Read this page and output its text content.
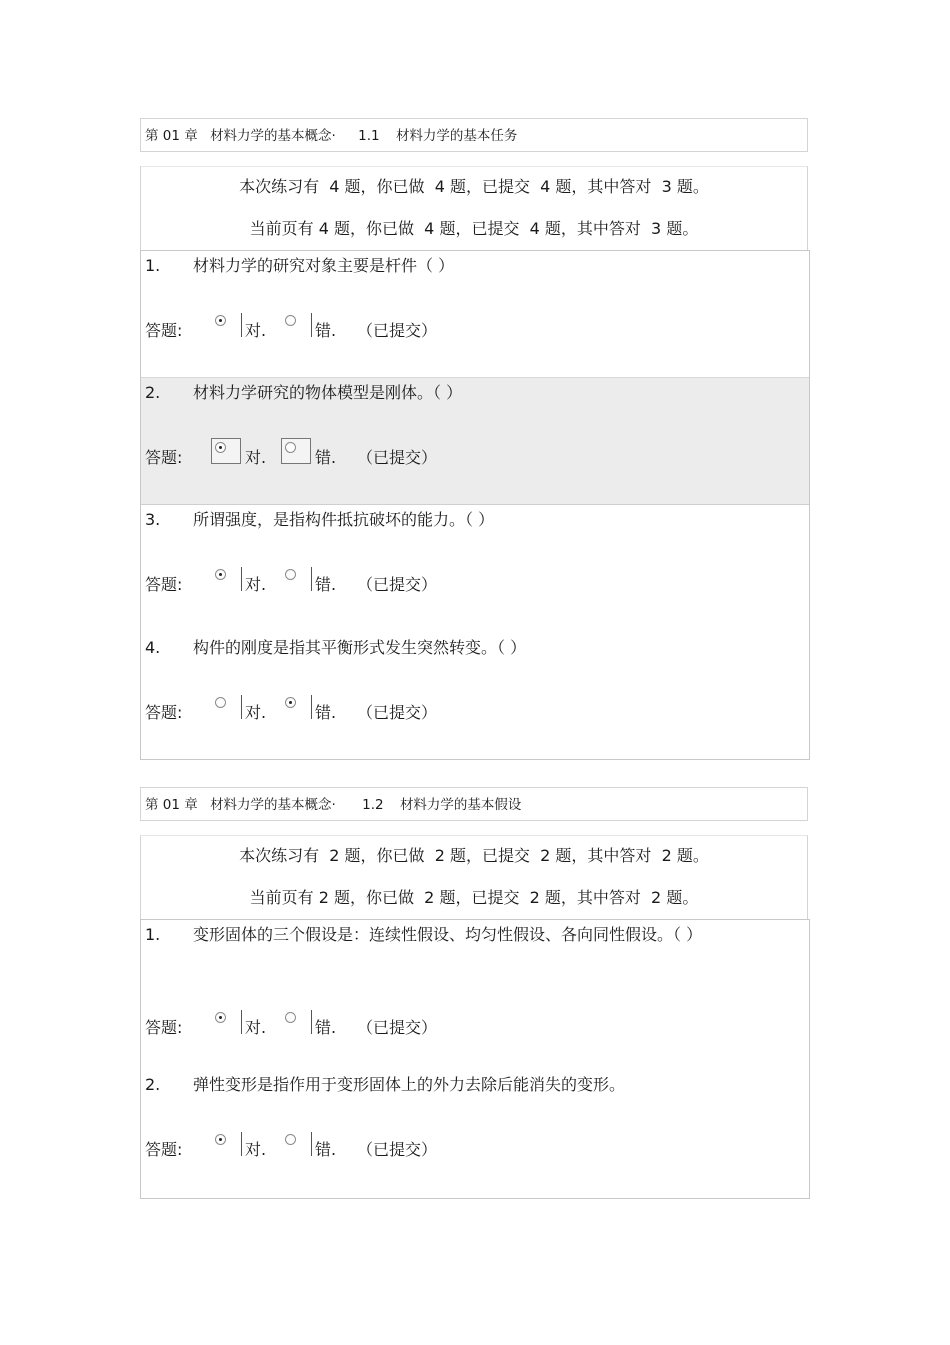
第 01 章 材料力学的基本概念· 1.1 材料力学的基本任务
本次练习有  4 题，你已做  4 题，已提交  4 题，其中答对  3 题。
当前页有 4 题，你已做  4 题，已提交  4 题，其中答对  3 题。
1.	材料力学的研究对象主要是杆件（ ）
答题:	对.	错. （已提交）
2.	材料力学研究的物体模型是刚体。（ ）
答题:	对.	错. （已提交）
3.	所谓强度，是指构件抵抗破坏的能力。（ ）
答题:	对.	错. （已提交）
4.	构件的刚度是指其平衡形式发生突然转变。（ ）
答题:	对.	错. （已提交）
第 01 章 材料力学的基本概念· 1.2 材料力学的基本假设
本次练习有  2 题，你已做  2 题，已提交  2 题，其中答对  2 题。
当前页有 2 题，你已做  2 题，已提交  2 题，其中答对  2 题。
1.	变形固体的三个假设是：连续性假设、均匀性假设、各向同性假设。（ ）
答题:	对.	错. （已提交）
2.	弹性变形是指作用于变形固体上的外力去除后能消失的变形。
答题:	对.	错. （已提交）
